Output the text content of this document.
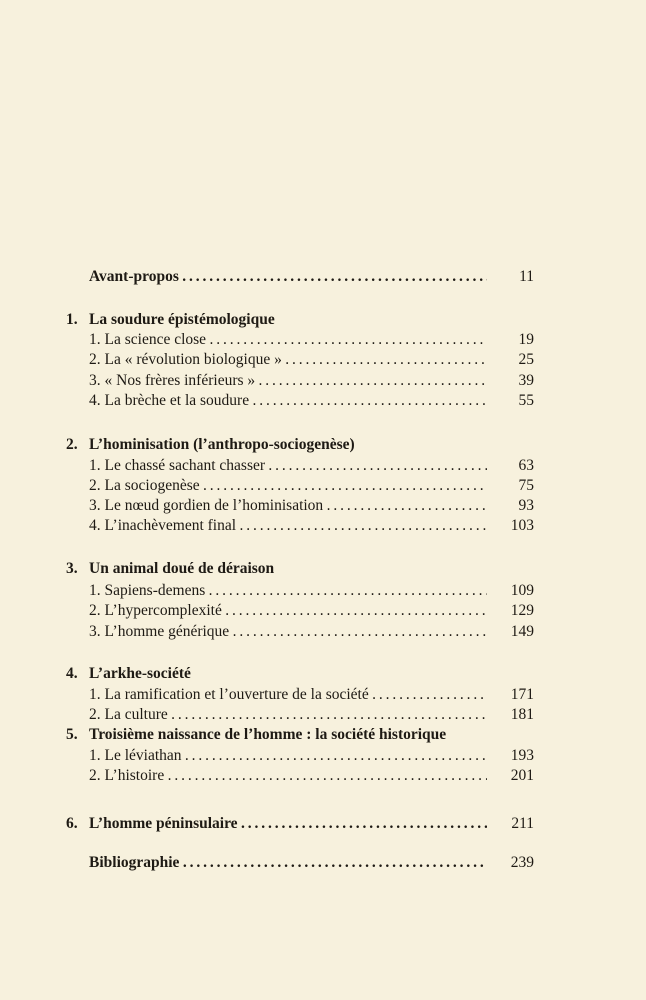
Avant-propos . . .	11
1. La soudure épistémologique
1. La science close . . .	19
2. La « révolution biologique » . . .	25
3. « Nos frères inférieurs » . . .	39
4. La brèche et la soudure . . .	55
2. L’hominisation (l’anthropo-sociogenèse)
1. Le chassé sachant chasser . . .	63
2. La sociogenèse . . .	75
3. Le nœud gordien de l’hominisation . . .	93
4. L’inachèvement final . . .	103
3. Un animal doué de déraison
1. Sapiens-demens . . .	109
2. L’hypercomplexité . . .	129
3. L’homme générique . . .	149
4. L’arkhe-société
1. La ramification et l’ouverture de la société . . .	171
2. La culture . . .	181
5. Troisième naissance de l’homme : la société historique
1. Le léviathan . . .	193
2. L’histoire . . .	201
6. L’homme péninsulaire . . .	211
Bibliographie . . .	239
